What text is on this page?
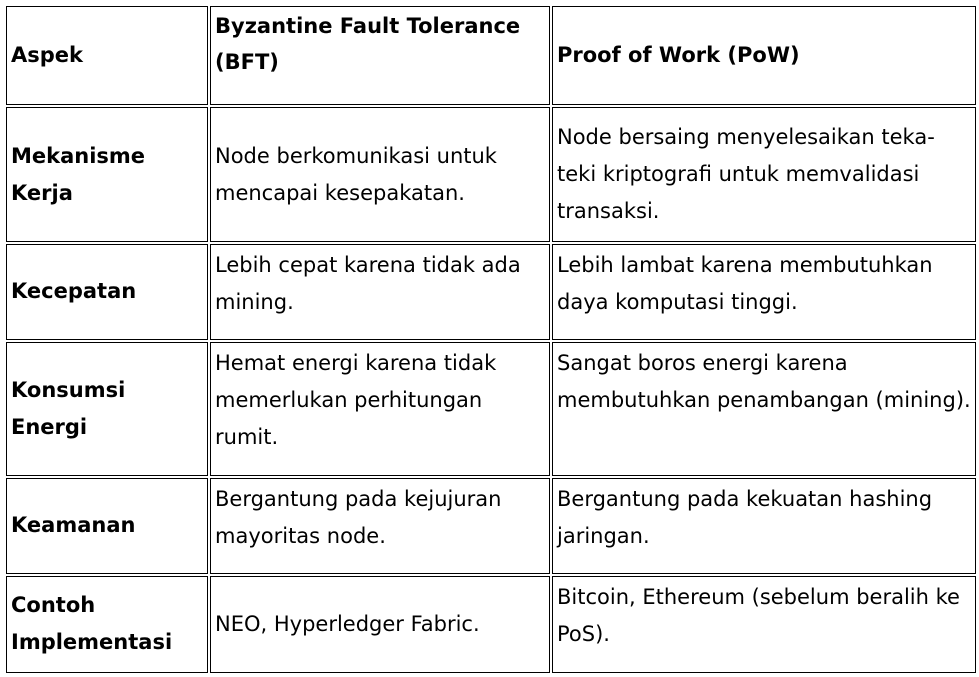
Aspek	Byzantine Fault Tolerance (BFT)	Proof of Work (PoW)
Mekanisme Kerja	Node berkomunikasi untuk mencapai kesepakatan.	Node bersaing menyelesaikan teka-teki kriptografi untuk memvalidasi transaksi.
Kecepatan	Lebih cepat karena tidak ada mining.	Lebih lambat karena membutuhkan daya komputasi tinggi.
Konsumsi Energi	Hemat energi karena tidak memerlukan perhitungan rumit.	Sangat boros energi karena membutuhkan penambangan (mining).
Keamanan	Bergantung pada kejujuran mayoritas node.	Bergantung pada kekuatan hashing jaringan.
Contoh Implementasi	NEO, Hyperledger Fabric.	Bitcoin, Ethereum (sebelum beralih ke PoS).
